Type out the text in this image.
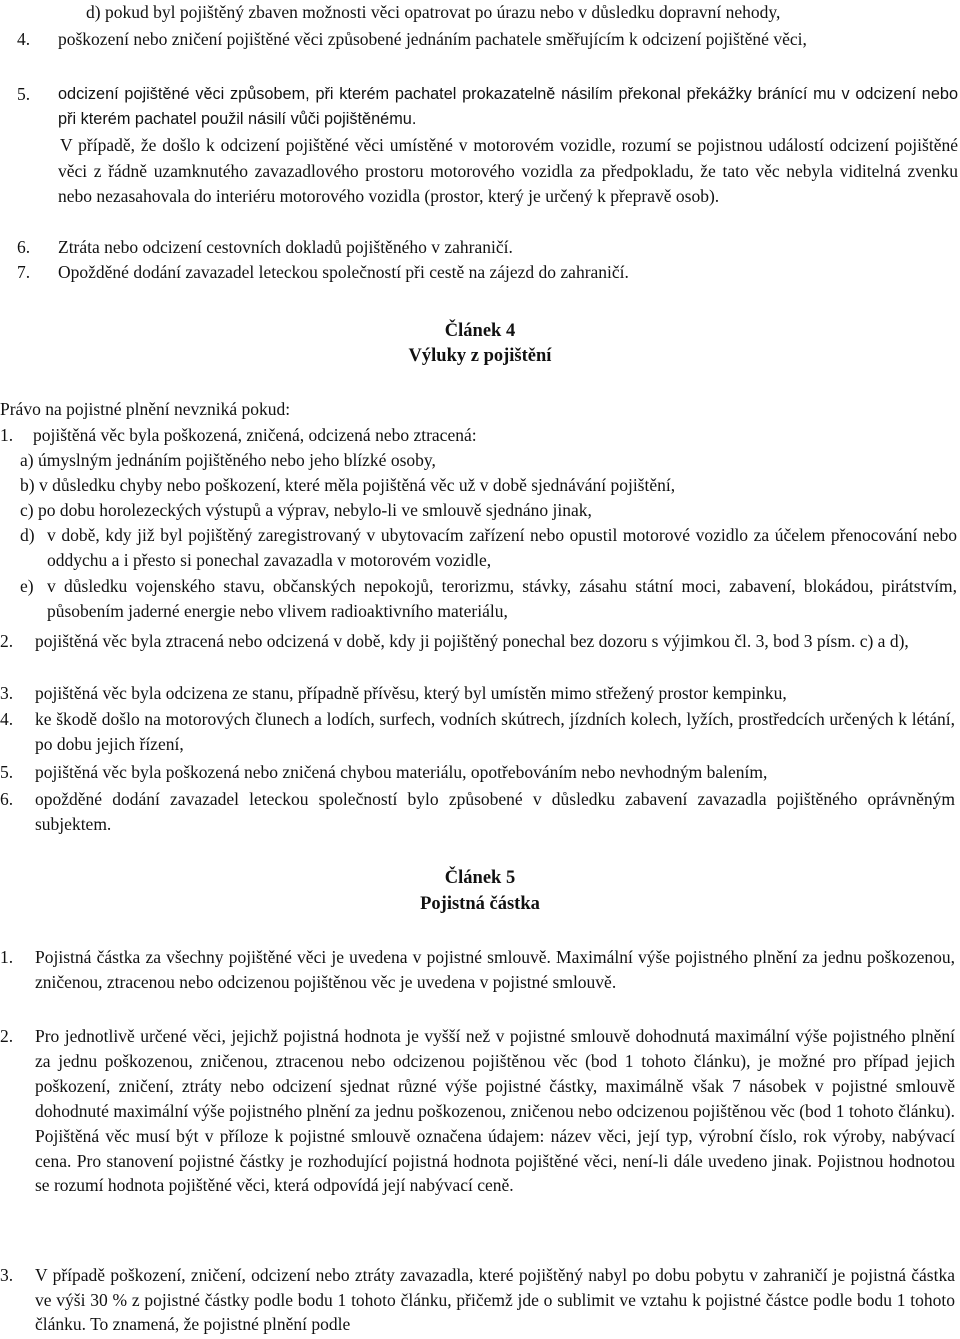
d) pokud byl pojištěný zbaven možnosti věci opatrovat po úrazu nebo v důsledku dopravní nehody,
4. poškození nebo zničení pojištěné věci způsobené jednáním pachatele směřujícím k odcizení pojištěné věci,
5. odcizení pojištěné věci způsobem, při kterém pachatel prokazatelně násilím překonal překážky bránící mu v odcizení nebo při kterém pachatel použil násilí vůči pojištěnému.
V případě, že došlo k odcizení pojištěné věci umístěné v motorovém vozidle, rozumí se pojistnou událostí odcizení pojištěné věci z řádně uzamknutého zavazadlového prostoru motorového vozidla za předpokladu, že tato věc nebyla viditelná zvenku nebo nezasahovala do interiéru motorového vozidla (prostor, který je určený k přepravě osob).
6. Ztráta nebo odcizení cestovních dokladů pojištěného v zahraničí.
7. Opožděné dodání zavazadel leteckou společností při cestě na zájezd do zahraničí.
Článek 4
Výluky z pojištění
Právo na pojistné plnění nevzniká pokud:
1. pojištěná věc byla poškozená, zničená, odcizená nebo ztracená:
a) úmyslným jednáním pojištěného nebo jeho blízké osoby,
b) v důsledku chyby nebo poškození, které měla pojištěná věc už v době sjednávání pojištění,
c) po dobu horolezeckých výstupů a výprav, nebylo-li ve smlouvě sjednáno jinak,
d) v době, kdy již byl pojištěný zaregistrovaný v ubytovacím zařízení nebo opustil motorové vozidlo za účelem přenocování nebo oddychu a i přesto si ponechal zavazadla v motorovém vozidle,
e) v důsledku vojenského stavu, občanských nepokojů, terorizmu, stávky, zásahu státní moci, zabavení, blokádou, pirátstvím, působením jaderné energie nebo vlivem radioaktivního materiálu,
2. pojištěná věc byla ztracená nebo odcizená v době, kdy ji pojištěný ponechal bez dozoru s výjimkou čl. 3, bod 3 písm. c) a d),
3. pojištěná věc byla odcizena ze stanu, případně přívěsu, který byl umístěn mimo střežený prostor kempinku,
4. ke škodě došlo na motorových člunech a lodích, surfech, vodních skútrech, jízdních kolech, lyžích, prostředcích určených k létání, po dobu jejich řízení,
5. pojištěná věc byla poškozená nebo zničená chybou materiálu, opotřebováním nebo nevhodným balením,
6. opožděné dodání zavazadel leteckou společností bylo způsobené v důsledku zabavení zavazadla pojištěného oprávněným subjektem.
Článek 5
Pojistná částka
1. Pojistná částka za všechny pojištěné věci je uvedena v pojistné smlouvě. Maximální výše pojistného plnění za jednu poškozenou, zničenou, ztracenou nebo odcizenou pojištěnou věc je uvedena v pojistné smlouvě.
2. Pro jednotlivě určené věci, jejichž pojistná hodnota je vyšší než v pojistné smlouvě dohodnutá maximální výše pojistného plnění za jednu poškozenou, zničenou, ztracenou nebo odcizenou pojištěnou věc (bod 1 tohoto článku), je možné pro případ jejich poškození, zničení, ztráty nebo odcizení sjednat různé výše pojistné částky, maximálně však 7 násobek v pojistné smlouvě dohodnuté maximální výše pojistného plnění za jednu poškozenou, zničenou nebo odcizenou pojištěnou věc (bod 1 tohoto článku). Pojištěná věc musí být v příloze k pojistné smlouvě označena údajem: název věci, její typ, výrobní číslo, rok výroby, nabývací cena. Pro stanovení pojistné částky je rozhodující pojistná hodnota pojištěné věci, není-li dále uvedeno jinak. Pojistnou hodnotou se rozumí hodnota pojištěné věci, která odpovídá její nabývací ceně.
3. V případě poškození, zničení, odcizení nebo ztráty zavazadla, které pojištěný nabyl po dobu pobytu v zahraničí je pojistná částka ve výši 30 % z pojistné částky podle bodu 1 tohoto článku, přičemž jde o sublimit ve vztahu k pojistné částce podle bodu 1 tohoto článku. To znamená, že pojistné plnění podle
